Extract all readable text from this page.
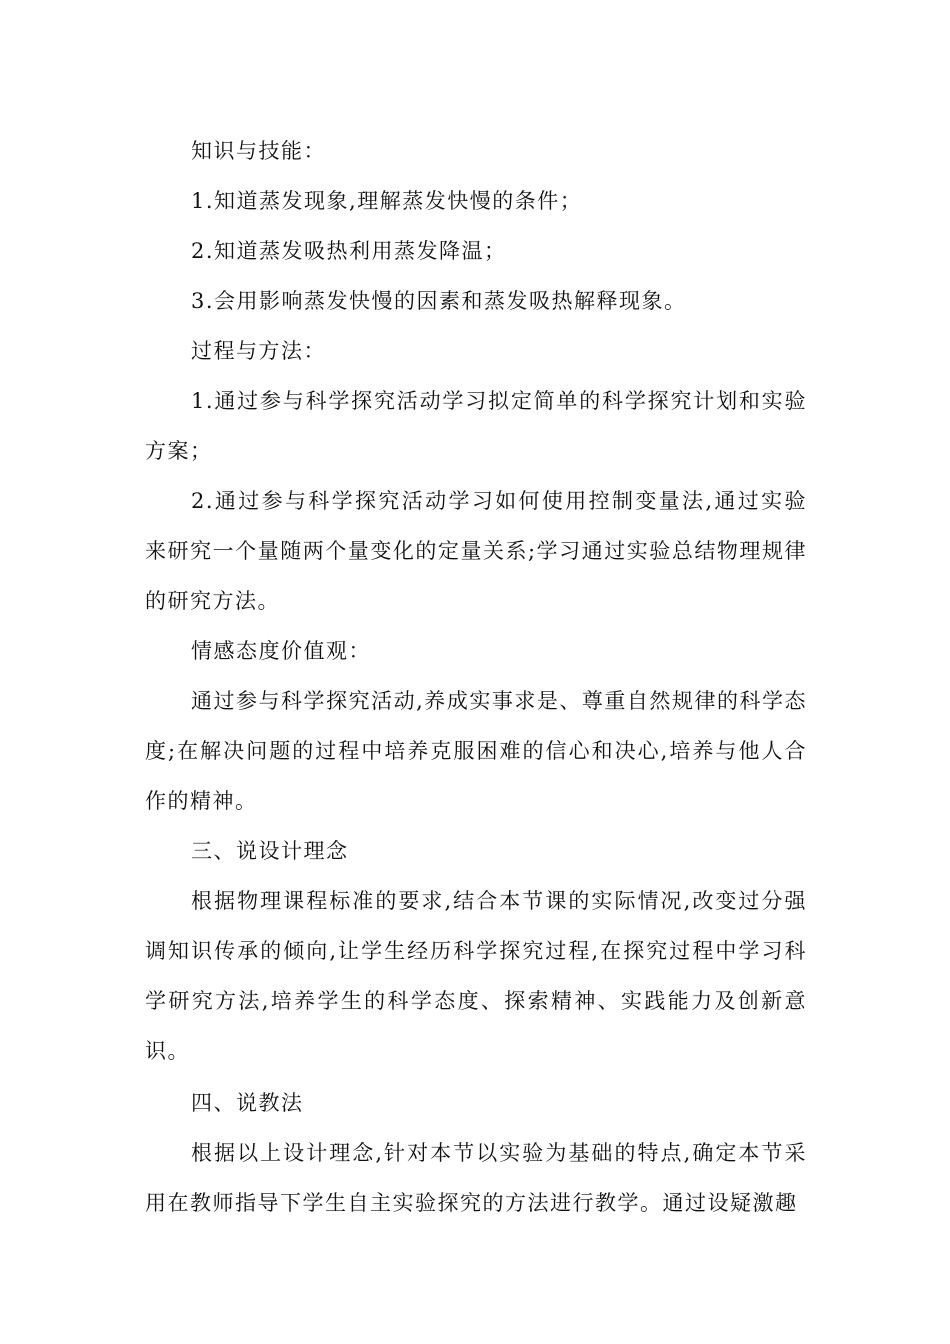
知识与技能：

1.知道蒸发现象,理解蒸发快慢的条件；

2.知道蒸发吸热利用蒸发降温；

3.会用影响蒸发快慢的因素和蒸发吸热解释现象。

过程与方法：

1.通过参与科学探究活动学习拟定简单的科学探究计划和实验方案；

2.通过参与科学探究活动学习如何使用控制变量法,通过实验来研究一个量随两个量变化的定量关系;学习通过实验总结物理规律的研究方法。

情感态度价值观：

通过参与科学探究活动,养成实事求是、尊重自然规律的科学态度;在解决问题的过程中培养克服困难的信心和决心,培养与他人合作的精神。

三、说设计理念

根据物理课程标准的要求,结合本节课的实际情况,改变过分强调知识传承的倾向,让学生经历科学探究过程,在探究过程中学习科学研究方法,培养学生的科学态度、探索精神、实践能力及创新意识。

四、说教法

根据以上设计理念,针对本节以实验为基础的特点,确定本节采用在教师指导下学生自主实验探究的方法进行教学。通过设疑激趣
